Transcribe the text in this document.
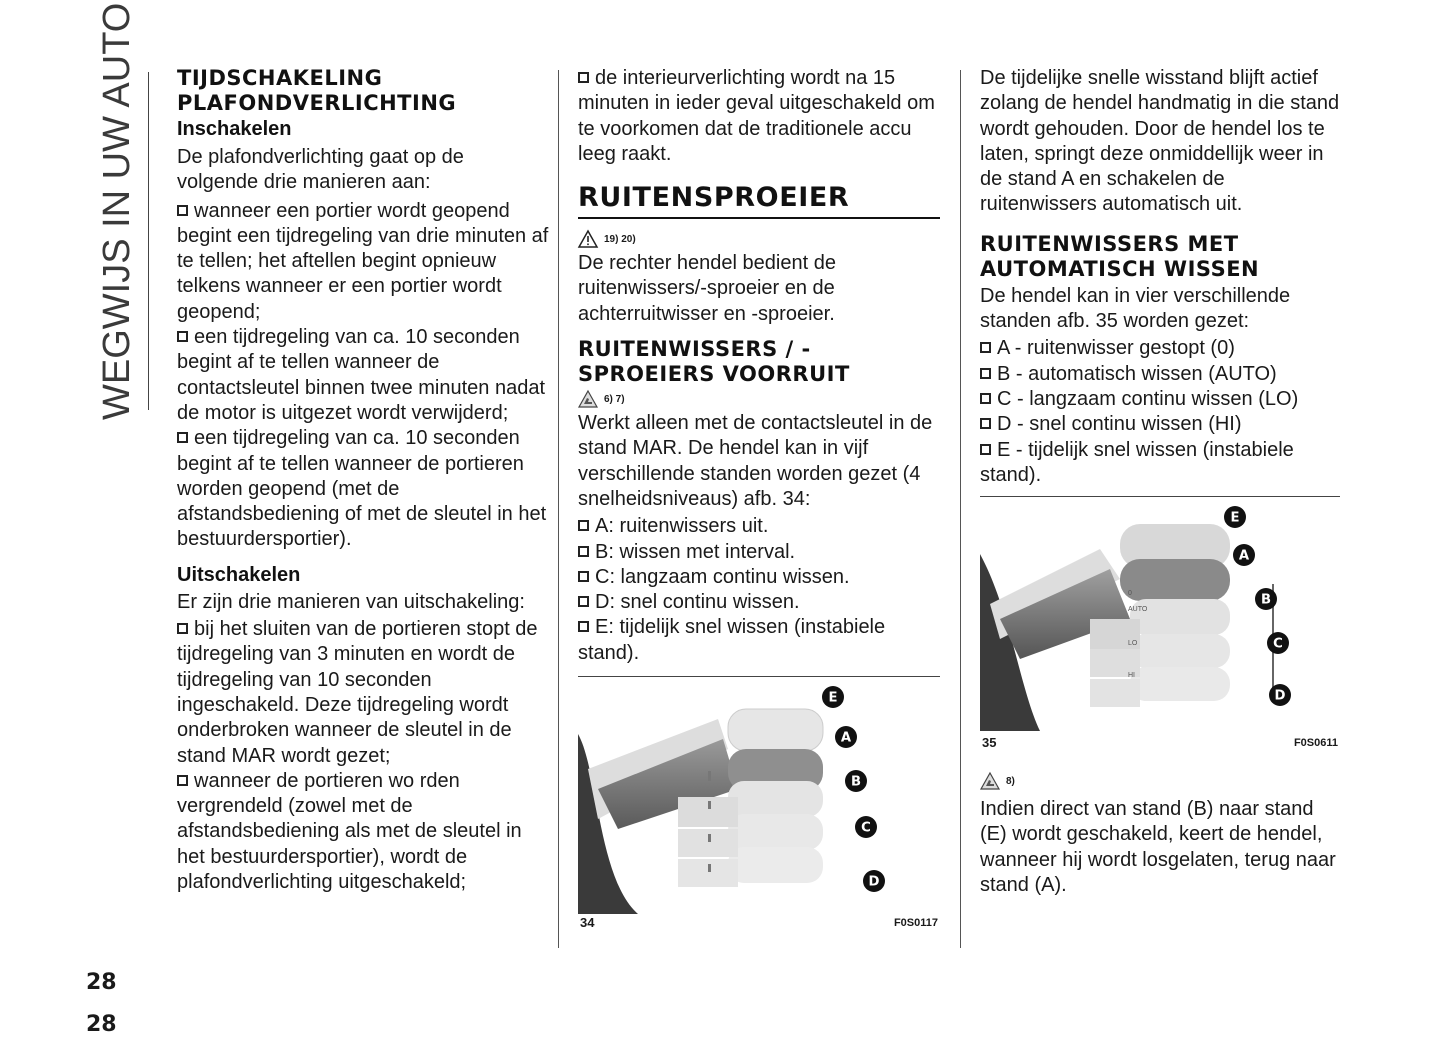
WEGWIJS IN UW AUTO TIJDSCHAKELING PLAFONDVERLICHTING
Inschakelen

De plafondverlichting gaat op de volgende drie manieren aan:

wanneer een portier wordt geopend begint een tijdregeling van drie minuten af te tellen; het aftellen begint opnieuw telkens wanneer er een portier wordt geopend;
een tijdregeling van ca. 10 seconden begint af te tellen wanneer de contactsleutel binnen twee minuten nadat de motor is uitgezet wordt verwijderd;
een tijdregeling van ca. 10 seconden begint af te tellen wanneer de portieren worden geopend (met de afstandsbediening of met de sleutel in het bestuurdersportier).
Uitschakelen

Er zijn drie manieren van uitschakeling:

bij het sluiten van de portieren stopt de tijdregeling van 3 minuten en wordt de tijdregeling van 10 seconden ingeschakeld. Deze tijdregeling wordt onderbroken wanneer de sleutel in de stand MAR wordt gezet;
wanneer de portieren wo rden vergrendeld (zowel met de afstandsbediening als met de sleutel in het bestuurdersportier), wordt de plafondverlichting uitgeschakeld;
de interieurverlichting wordt na 15 minuten in ieder geval uitgeschakeld om te voorkomen dat de traditionele accu leeg raakt.
RUITENSPROEIER
19) 20)

De rechter hendel bedient de ruitenwissers/-sproeier en de achterruitwisser en -sproeier.

RUITENWISSERS / -SPROEIERS VOORRUIT
6) 7)

Werkt alleen met de contactsleutel in de stand MAR. De hendel kan in vijf verschillende standen worden gezet (4 snelheidsniveaus) afb. 34:

A: ruitenwissers uit.
B: wissen met interval.
C: langzaam continu wissen.
D: snel continu wissen.
E: tijdelijk snel wissen (instabiele stand).
E
A
B
C
D
34	F0S0117

De tijdelijke snelle wisstand blijft actief zolang de hendel handmatig in die stand wordt gehouden. Door de hendel los te laten, springt deze onmiddellijk weer in de stand A en schakelen de ruitenwissers automatisch uit.

RUITENWISSERS MET AUTOMATISCH WISSEN

De hendel kan in vier verschillende standen afb. 35 worden gezet:

A - ruitenwisser gestopt (0)
B - automatisch wissen (AUTO)
C - langzaam continu wissen (LO)
D - snel continu wissen (HI)
E - tijdelijk snel wissen (instabiele stand).
AUTO
0
LO
HI
E
A
B
C
D
35	F0S0611
8)

Indien direct van stand (B) naar stand (E) wordt geschakeld, keert de hendel, wanneer hij wordt losgelaten, terug naar stand (A).

28
28
